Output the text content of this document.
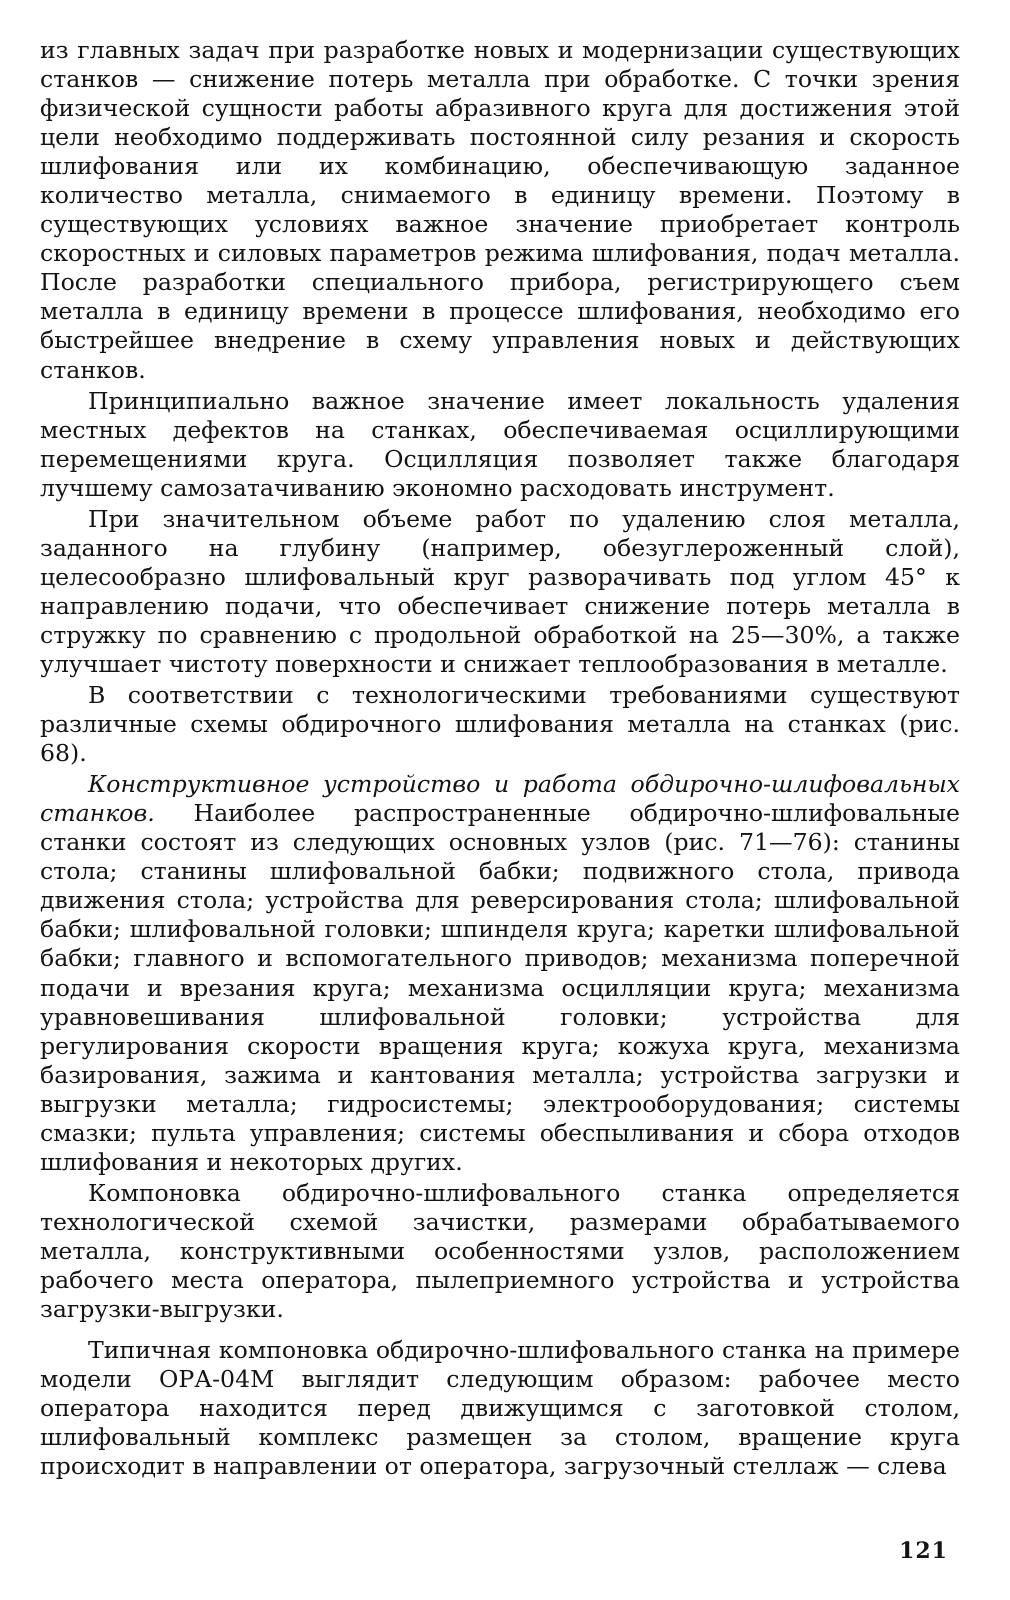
из главных задач при разработке новых и модернизации существующих станков — снижение потерь металла при обработке. С точки зрения физической сущности работы абразивного круга для достижения этой цели необходимо поддерживать постоянной силу резания и скорость шлифования или их комбинацию, обеспечивающую заданное количество металла, снимаемого в единицу времени. Поэтому в существующих условиях важное значение приобретает контроль скоростных и силовых параметров режима шлифования, подач металла. После разработки специального прибора, регистрирующего съем металла в единицу времени в процессе шлифования, необходимо его быстрейшее внедрение в схему управления новых и действующих станков.

Принципиально важное значение имеет локальность удаления местных дефектов на станках, обеспечиваемая осциллирующими перемещениями круга. Осцилляция позволяет также благодаря лучшему самозатачиванию экономно расходовать инструмент.

При значительном объеме работ по удалению слоя металла, заданного на глубину (например, обезуглероженный слой), целесообразно шлифовальный круг разворачивать под углом 45° к направлению подачи, что обеспечивает снижение потерь металла в стружку по сравнению с продольной обработкой на 25—30%, а также улучшает чистоту поверхности и снижает теплообразования в металле.

В соответствии с технологическими требованиями существуют различные схемы обдирочного шлифования металла на станках (рис. 68).

Конструктивное устройство и работа обдирочно-шлифовальных станков. Наиболее распространенные обдирочно-шлифовальные станки состоят из следующих основных узлов (рис. 71—76): станины стола; станины шлифовальной бабки; подвижного стола, привода движения стола; устройства для реверсирования стола; шлифовальной бабки; шлифовальной головки; шпинделя круга; каретки шлифовальной бабки; главного и вспомогательного приводов; механизма поперечной подачи и врезания круга; механизма осцилляции круга; механизма уравновешивания шлифовальной головки; устройства для регулирования скорости вращения круга; кожуха круга, механизма базирования, зажима и кантования металла; устройства загрузки и выгрузки металла; гидросистемы; электрооборудования; системы смазки; пульта управления; системы обеспыливания и сбора отходов шлифования и некоторых других.

Компоновка обдирочно-шлифовального станка определяется технологической схемой зачистки, размерами обрабатываемого металла, конструктивными особенностями узлов, расположением рабочего места оператора, пылеприемного устройства и устройства загрузки-выгрузки.

Типичная компоновка обдирочно-шлифовального станка на примере модели ОРА-04М выглядит следующим образом: рабочее место оператора находится перед движущимся с заготовкой столом, шлифовальный комплекс размещен за столом, вращение круга происходит в направлении от оператора, загрузочный стеллаж — слева

121
